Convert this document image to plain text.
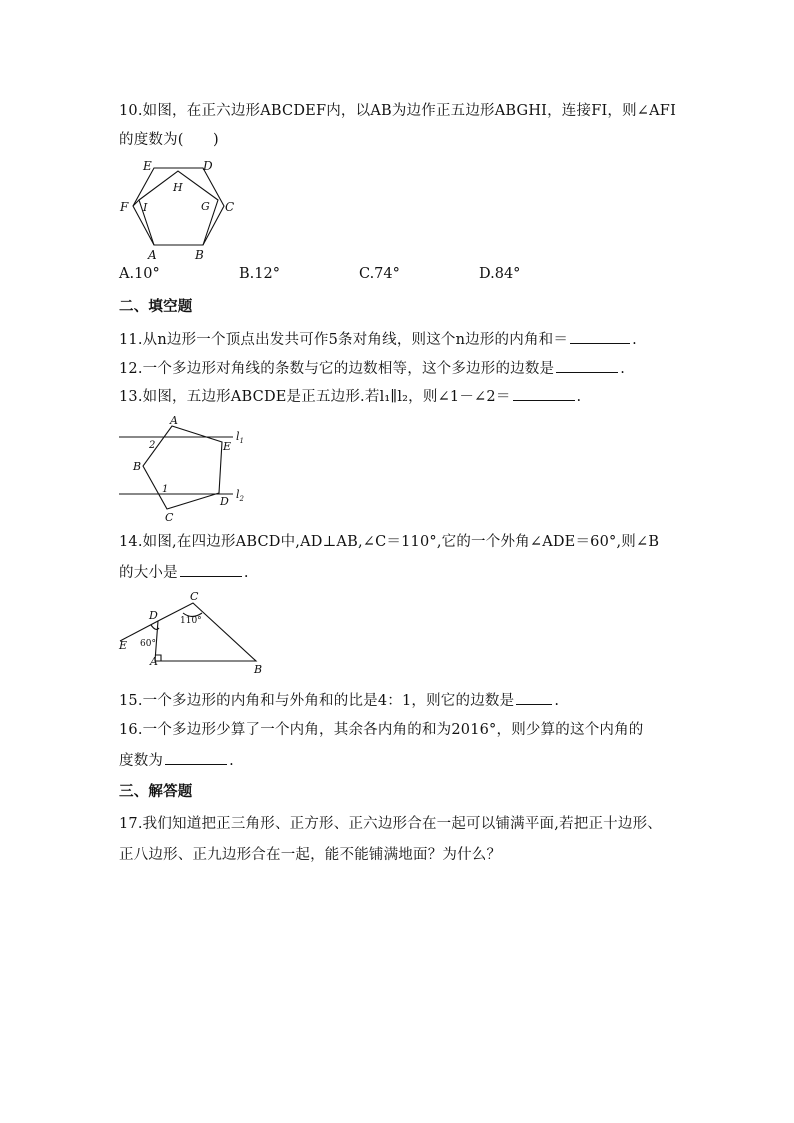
10.如图，在正六边形ABCDEF内，以AB为边作正五边形ABGHI，连接FI，则∠AFI
的度数为(　　)
E	D
H
F I	G C
A	B
A.10°	B.12°	C.74°	D.84°
二、填空题
11.从n边形一个顶点出发共可作5条对角线，则这个n边形的内角和＝	.
12.一个多边形对角线的条数与它的边数相等，这个多边形的边数是	.
13.如图，五边形ABCDE是正五边形.若l₁∥l₂，则∠1－∠2＝	.
A
B
C
D
E
2
1
$l_1$
$l_2$
14.如图,在四边形ABCD中,AD⊥AB,∠C＝110°,它的一个外角∠ADE＝60°,则∠B
的大小是	.
C
D
E
A
B
110°
60°
15.一个多边形的内角和与外角和的比是4：1，则它的边数是	.
16.一个多边形少算了一个内角，其余各内角的和为2016°，则少算的这个内角的
度数为	.
三、解答题
17.我们知道把正三角形、正方形、正六边形合在一起可以铺满平面,若把正十边形、
正八边形、正九边形合在一起，能不能铺满地面？为什么？
